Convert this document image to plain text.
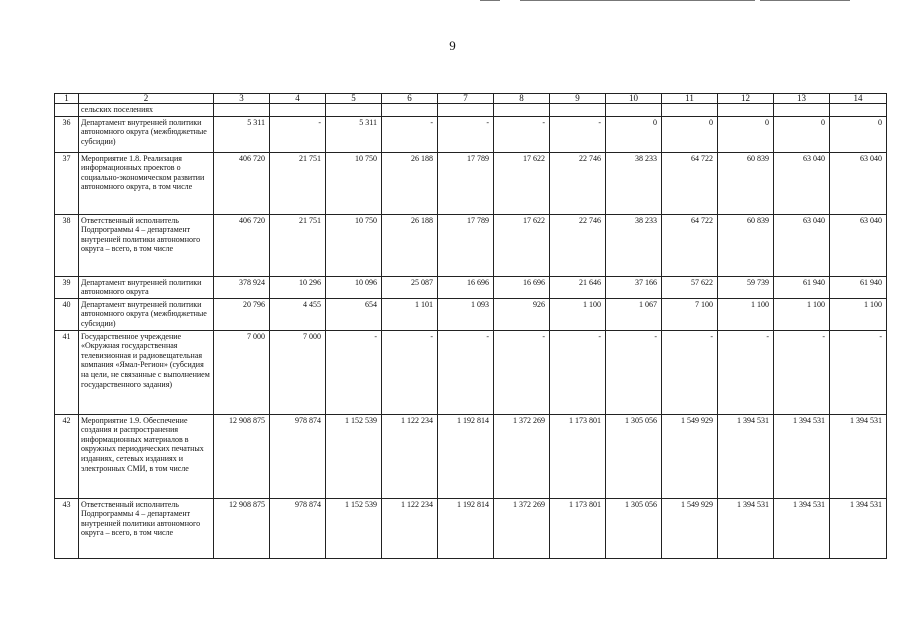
9
1	2	3	4	5	6	7	8	9	10	11	12	13	14
	сельских поселениях												
36	Департамент внутренней политики автономного округа (межбюджетные субсидии)	5 311	-	5 311	-	-	-	-	0	0	0	0	0
37	Мероприятие 1.8. Реализация информационных проектов о социально-экономическом развитии автономного округа, в том числе	406 720	21 751	10 750	26 188	17 789	17 622	22 746	38 233	64 722	60 839	63 040	63 040
38	Ответственный исполнитель Подпрограммы 4 – департамент внутренней политики автономного округа – всего, в том числе	406 720	21 751	10 750	26 188	17 789	17 622	22 746	38 233	64 722	60 839	63 040	63 040
39	Департамент внутренней политики автономного округа	378 924	10 296	10 096	25 087	16 696	16 696	21 646	37 166	57 622	59 739	61 940	61 940
40	Департамент внутренней политики автономного округа (межбюджетные субсидии)	20 796	4 455	654	1 101	1 093	926	1 100	1 067	7 100	1 100	1 100	1 100
41	Государственное учреждение «Окружная государственная телевизионная и радиовещательная компания «Ямал-Регион» (субсидия на цели, не связанные с выполнением государственного задания)	7 000	7 000	-	-	-	-	-	-	-	-	-	-
42	Мероприятие 1.9. Обеспечение создания и распространения информационных материалов в окружных периодических печатных изданиях, сетевых изданиях и электронных СМИ, в том числе	12 908 875	978 874	1 152 539	1 122 234	1 192 814	1 372 269	1 173 801	1 305 056	1 549 929	1 394 531	1 394 531	1 394 531
43	Ответственный исполнитель Подпрограммы 4 – департамент внутренней политики автономного округа – всего, в том числе	12 908 875	978 874	1 152 539	1 122 234	1 192 814	1 372 269	1 173 801	1 305 056	1 549 929	1 394 531	1 394 531	1 394 531
